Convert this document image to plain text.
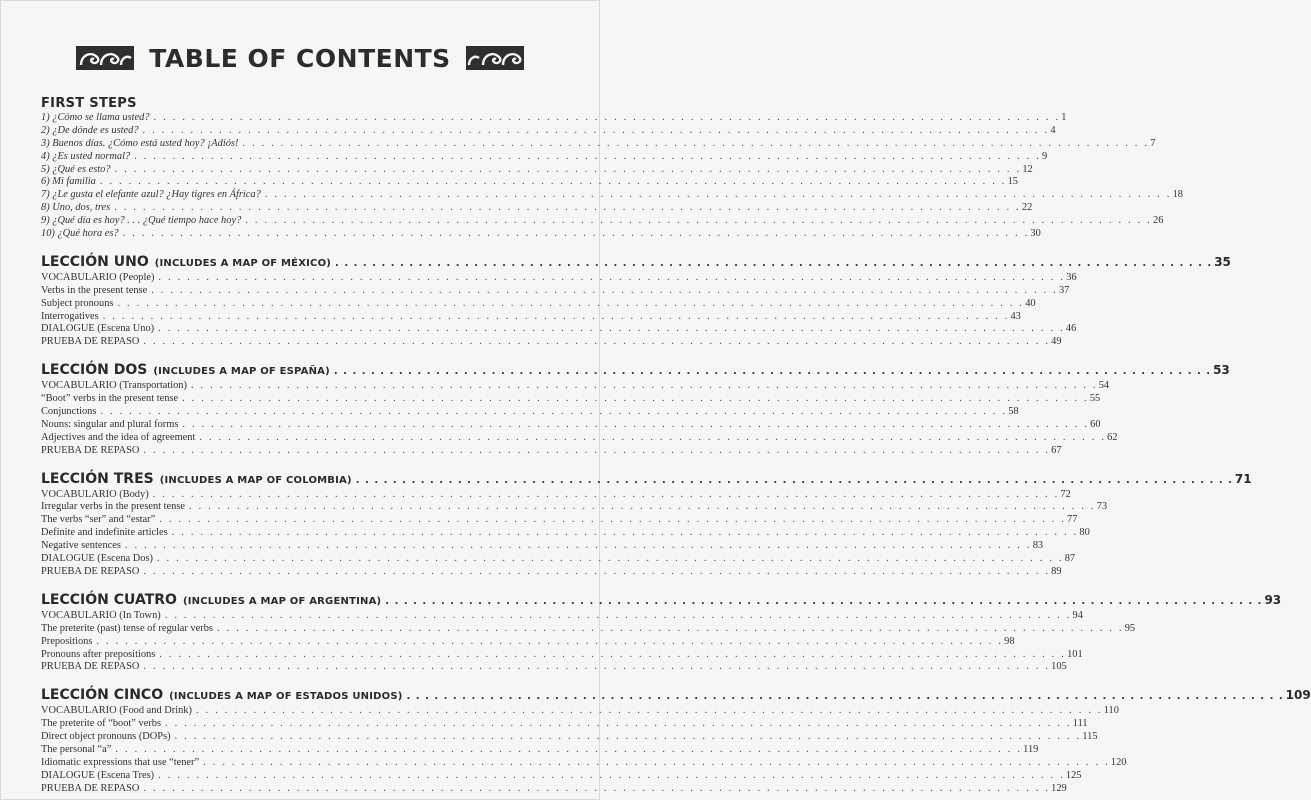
TABLE OF CONTENTS
FIRST STEPS
1) ¿Cómo se llama usted? . . . . . . . . . . . . . . . . . . . . . . . . . . . . . . . . . . . . . . . . . . . . . . . . . . . . . . . . . . . . . . . . . . . . . . . . . . . . . . . . . . . . . . . . . . . . . . . 1
2) ¿De dónde es usted? . . . . . . . . . . . . . . . . . . . . . . . . . . . . . . . . . . . . . . . . . . . . . . . . . . . . . . . . . . . . . . . . . . . . . . . . . . . . . . . . . . . . . . . . . . . . . . . 4
3) Buenos días. ¿Cómo está usted hoy? ¡Adiós! . . . . . . . . . . . . . . . . . . . . . . . . . . . . . . . . . . . . . . . . . . . . . . . . . . . . . . . . . . . . . . . . . . . . . . . . . . . . . . . . . . . . . . . . . . . . . . . 7
4) ¿Es usted normal? . . . . . . . . . . . . . . . . . . . . . . . . . . . . . . . . . . . . . . . . . . . . . . . . . . . . . . . . . . . . . . . . . . . . . . . . . . . . . . . . . . . . . . . . . . . . . . . 9
5) ¿Qué es esto? . . . . . . . . . . . . . . . . . . . . . . . . . . . . . . . . . . . . . . . . . . . . . . . . . . . . . . . . . . . . . . . . . . . . . . . . . . . . . . . . . . . . . . . . . . . . . . . 12
6) Mi familia . . . . . . . . . . . . . . . . . . . . . . . . . . . . . . . . . . . . . . . . . . . . . . . . . . . . . . . . . . . . . . . . . . . . . . . . . . . . . . . . . . . . . . . . . . . . . . . 15
7) ¿Le gusta el elefante azul? ¿Hay tigres en África? . . . . . . . . . . . . . . . . . . . . . . . . . . . . . . . . . . . . . . . . . . . . . . . . . . . . . . . . . . . . . . . . . . . . . . . . . . . . . . . . . . . . . . . . . . . . . . . 18
8) Uno, dos, tres . . . . . . . . . . . . . . . . . . . . . . . . . . . . . . . . . . . . . . . . . . . . . . . . . . . . . . . . . . . . . . . . . . . . . . . . . . . . . . . . . . . . . . . . . . . . . . . 22
9) ¿Qué día es hoy? . . . ¿Qué tiempo hace hoy? . . . . . . . . . . . . . . . . . . . . . . . . . . . . . . . . . . . . . . . . . . . . . . . . . . . . . . . . . . . . . . . . . . . . . . . . . . . . . . . . . . . . . . . . . . . . . . . 26
10) ¿Qué hora es? . . . . . . . . . . . . . . . . . . . . . . . . . . . . . . . . . . . . . . . . . . . . . . . . . . . . . . . . . . . . . . . . . . . . . . . . . . . . . . . . . . . . . . . . . . . . . . . 30
LECCIÓN UNO (INCLUDES A MAP OF MÉXICO) . . . . . . . . . . . . . . . . . . . . . . . . . . . . . . . . . . . . . . . . . . . . . . . . . . . . . . . . . . . . . . . . . . . . . . . . . . . . . . . . . . . . . . . . . . . . . . . 35
VOCABULARIO (People) . . . . . . . . . . . . . . . . . . . . . . . . . . . . . . . . . . . . . . . . . . . . . . . . . . . . . . . . . . . . . . . . . . . . . . . . . . . . . . . . . . . . . . . . . . . . . . . 36
Verbs in the present tense . . . . . . . . . . . . . . . . . . . . . . . . . . . . . . . . . . . . . . . . . . . . . . . . . . . . . . . . . . . . . . . . . . . . . . . . . . . . . . . . . . . . . . . . . . . . . . . 37
Subject pronouns . . . . . . . . . . . . . . . . . . . . . . . . . . . . . . . . . . . . . . . . . . . . . . . . . . . . . . . . . . . . . . . . . . . . . . . . . . . . . . . . . . . . . . . . . . . . . . . 40
Interrogatives . . . . . . . . . . . . . . . . . . . . . . . . . . . . . . . . . . . . . . . . . . . . . . . . . . . . . . . . . . . . . . . . . . . . . . . . . . . . . . . . . . . . . . . . . . . . . . . 43
DIALOGUE (Escena Uno) . . . . . . . . . . . . . . . . . . . . . . . . . . . . . . . . . . . . . . . . . . . . . . . . . . . . . . . . . . . . . . . . . . . . . . . . . . . . . . . . . . . . . . . . . . . . . . . 46
PRUEBA DE REPASO . . . . . . . . . . . . . . . . . . . . . . . . . . . . . . . . . . . . . . . . . . . . . . . . . . . . . . . . . . . . . . . . . . . . . . . . . . . . . . . . . . . . . . . . . . . . . . . 49
LECCIÓN DOS (INCLUDES A MAP OF ESPAÑA) . . . . . . . . . . . . . . . . . . . . . . . . . . . . . . . . . . . . . . . . . . . . . . . . . . . . . . . . . . . . . . . . . . . . . . . . . . . . . . . . . . . . . . . . . . . . . . . 53
VOCABULARIO (Transportation) . . . . . . . . . . . . . . . . . . . . . . . . . . . . . . . . . . . . . . . . . . . . . . . . . . . . . . . . . . . . . . . . . . . . . . . . . . . . . . . . . . . . . . . . . . . . . . . 54
“Boot” verbs in the present tense . . . . . . . . . . . . . . . . . . . . . . . . . . . . . . . . . . . . . . . . . . . . . . . . . . . . . . . . . . . . . . . . . . . . . . . . . . . . . . . . . . . . . . . . . . . . . . . 55
Conjunctions . . . . . . . . . . . . . . . . . . . . . . . . . . . . . . . . . . . . . . . . . . . . . . . . . . . . . . . . . . . . . . . . . . . . . . . . . . . . . . . . . . . . . . . . . . . . . . . 58
Nouns: singular and plural forms . . . . . . . . . . . . . . . . . . . . . . . . . . . . . . . . . . . . . . . . . . . . . . . . . . . . . . . . . . . . . . . . . . . . . . . . . . . . . . . . . . . . . . . . . . . . . . . 60
Adjectives and the idea of agreement . . . . . . . . . . . . . . . . . . . . . . . . . . . . . . . . . . . . . . . . . . . . . . . . . . . . . . . . . . . . . . . . . . . . . . . . . . . . . . . . . . . . . . . . . . . . . . . 62
PRUEBA DE REPASO . . . . . . . . . . . . . . . . . . . . . . . . . . . . . . . . . . . . . . . . . . . . . . . . . . . . . . . . . . . . . . . . . . . . . . . . . . . . . . . . . . . . . . . . . . . . . . . 67
LECCIÓN TRES (INCLUDES A MAP OF COLOMBIA) . . . . . . . . . . . . . . . . . . . . . . . . . . . . . . . . . . . . . . . . . . . . . . . . . . . . . . . . . . . . . . . . . . . . . . . . . . . . . . . . . . . . . . . . . . . . . . . 71
VOCABULARIO (Body) . . . . . . . . . . . . . . . . . . . . . . . . . . . . . . . . . . . . . . . . . . . . . . . . . . . . . . . . . . . . . . . . . . . . . . . . . . . . . . . . . . . . . . . . . . . . . . . 72
Irregular verbs in the present tense . . . . . . . . . . . . . . . . . . . . . . . . . . . . . . . . . . . . . . . . . . . . . . . . . . . . . . . . . . . . . . . . . . . . . . . . . . . . . . . . . . . . . . . . . . . . . . . 73
The verbs “ser” and “estar” . . . . . . . . . . . . . . . . . . . . . . . . . . . . . . . . . . . . . . . . . . . . . . . . . . . . . . . . . . . . . . . . . . . . . . . . . . . . . . . . . . . . . . . . . . . . . . . 77
Definite and indefinite articles . . . . . . . . . . . . . . . . . . . . . . . . . . . . . . . . . . . . . . . . . . . . . . . . . . . . . . . . . . . . . . . . . . . . . . . . . . . . . . . . . . . . . . . . . . . . . . . 80
Negative sentences . . . . . . . . . . . . . . . . . . . . . . . . . . . . . . . . . . . . . . . . . . . . . . . . . . . . . . . . . . . . . . . . . . . . . . . . . . . . . . . . . . . . . . . . . . . . . . . 83
DIALOGUE (Escena Dos) . . . . . . . . . . . . . . . . . . . . . . . . . . . . . . . . . . . . . . . . . . . . . . . . . . . . . . . . . . . . . . . . . . . . . . . . . . . . . . . . . . . . . . . . . . . . . . . 87
PRUEBA DE REPASO . . . . . . . . . . . . . . . . . . . . . . . . . . . . . . . . . . . . . . . . . . . . . . . . . . . . . . . . . . . . . . . . . . . . . . . . . . . . . . . . . . . . . . . . . . . . . . . 89
LECCIÓN CUATRO (INCLUDES A MAP OF ARGENTINA) . . . . . . . . . . . . . . . . . . . . . . . . . . . . . . . . . . . . . . . . . . . . . . . . . . . . . . . . . . . . . . . . . . . . . . . . . . . . . . . . . . . . . . . . . . . . . . . 93
VOCABULARIO (In Town) . . . . . . . . . . . . . . . . . . . . . . . . . . . . . . . . . . . . . . . . . . . . . . . . . . . . . . . . . . . . . . . . . . . . . . . . . . . . . . . . . . . . . . . . . . . . . . . 94
The preterite (past) tense of regular verbs . . . . . . . . . . . . . . . . . . . . . . . . . . . . . . . . . . . . . . . . . . . . . . . . . . . . . . . . . . . . . . . . . . . . . . . . . . . . . . . . . . . . . . . . . . . . . . . 95
Prepositions . . . . . . . . . . . . . . . . . . . . . . . . . . . . . . . . . . . . . . . . . . . . . . . . . . . . . . . . . . . . . . . . . . . . . . . . . . . . . . . . . . . . . . . . . . . . . . . 98
Pronouns after prepositions . . . . . . . . . . . . . . . . . . . . . . . . . . . . . . . . . . . . . . . . . . . . . . . . . . . . . . . . . . . . . . . . . . . . . . . . . . . . . . . . . . . . . . . . . . . . . . . 101
PRUEBA DE REPASO . . . . . . . . . . . . . . . . . . . . . . . . . . . . . . . . . . . . . . . . . . . . . . . . . . . . . . . . . . . . . . . . . . . . . . . . . . . . . . . . . . . . . . . . . . . . . . . 105
LECCIÓN CINCO (INCLUDES A MAP OF ESTADOS UNIDOS) . . . . . . . . . . . . . . . . . . . . . . . . . . . . . . . . . . . . . . . . . . . . . . . . . . . . . . . . . . . . . . . . . . . . . . . . . . . . . . . . . . . . . . . . . . . . . . . 109
VOCABULARIO (Food and Drink) . . . . . . . . . . . . . . . . . . . . . . . . . . . . . . . . . . . . . . . . . . . . . . . . . . . . . . . . . . . . . . . . . . . . . . . . . . . . . . . . . . . . . . . . . . . . . . . 110
The preterite of “boot” verbs . . . . . . . . . . . . . . . . . . . . . . . . . . . . . . . . . . . . . . . . . . . . . . . . . . . . . . . . . . . . . . . . . . . . . . . . . . . . . . . . . . . . . . . . . . . . . . . 111
Direct object pronouns (DOPs) . . . . . . . . . . . . . . . . . . . . . . . . . . . . . . . . . . . . . . . . . . . . . . . . . . . . . . . . . . . . . . . . . . . . . . . . . . . . . . . . . . . . . . . . . . . . . . . 115
The personal “a” . . . . . . . . . . . . . . . . . . . . . . . . . . . . . . . . . . . . . . . . . . . . . . . . . . . . . . . . . . . . . . . . . . . . . . . . . . . . . . . . . . . . . . . . . . . . . . . 119
Idiomatic expressions that use “tener” . . . . . . . . . . . . . . . . . . . . . . . . . . . . . . . . . . . . . . . . . . . . . . . . . . . . . . . . . . . . . . . . . . . . . . . . . . . . . . . . . . . . . . . . . . . . . . . 120
DIALOGUE (Escena Tres) . . . . . . . . . . . . . . . . . . . . . . . . . . . . . . . . . . . . . . . . . . . . . . . . . . . . . . . . . . . . . . . . . . . . . . . . . . . . . . . . . . . . . . . . . . . . . . . 125
PRUEBA DE REPASO . . . . . . . . . . . . . . . . . . . . . . . . . . . . . . . . . . . . . . . . . . . . . . . . . . . . . . . . . . . . . . . . . . . . . . . . . . . . . . . . . . . . . . . . . . . . . . . 129
